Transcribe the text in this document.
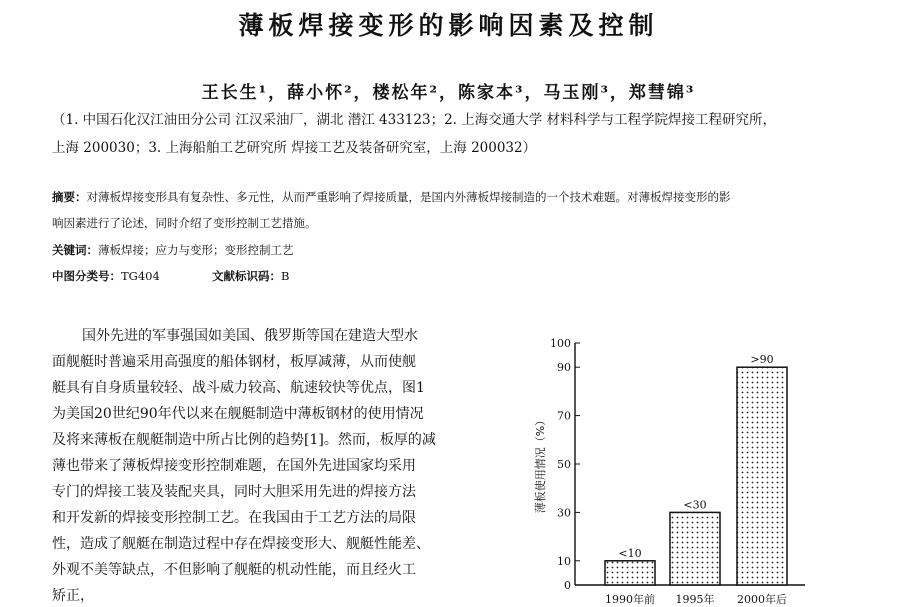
薄板焊接变形的影响因素及控制
王长生¹，薛小怀²，楼松年²，陈家本³，马玉刚³，郑彗锦³
（1. 中国石化汉江油田分公司 江汉采油厂，湖北 潜江 433123；2. 上海交通大学 材料科学与工程学院焊接工程研究所，
上海 200030；3. 上海船舶工艺研究所 焊接工艺及装备研究室，上海 200032）
摘要：对薄板焊接变形具有复杂性、多元性，从而严重影响了焊接质量，是国内外薄板焊接制造的一个技术难题。对薄板焊接变形的影
响因素进行了论述，同时介绍了变形控制工艺措施。
关键词：薄板焊接；应力与变形；变形控制工艺
中图分类号：TG404	文献标识码：B
国外先进的军事强国如美国、俄罗斯等国在建造大型水
面舰艇时普遍采用高强度的船体钢材，板厚减薄，从而使舰
艇具有自身质量较轻、战斗威力较高、航速较快等优点，图1
为美国20世纪90年代以来在舰艇制造中薄板钢材的使用情况
及将来薄板在舰艇制造中所占比例的趋势[1]。然而，板厚的减
薄也带来了薄板焊接变形控制难题，在国外先进国家均采用
专门的焊接工装及装配夹具，同时大胆采用先进的焊接方法
和开发新的焊接变形控制工艺。在我国由于工艺方法的局限
性，造成了舰艇在制造过程中存在焊接变形大、舰艇性能差、
外观不美等缺点，不但影响了舰艇的机动性能，而且经火工
矫正，
0
10
30
50
70
90
100
薄板使用情况（%）
<10
1990年前
<30
1995年
>90
2000年后
